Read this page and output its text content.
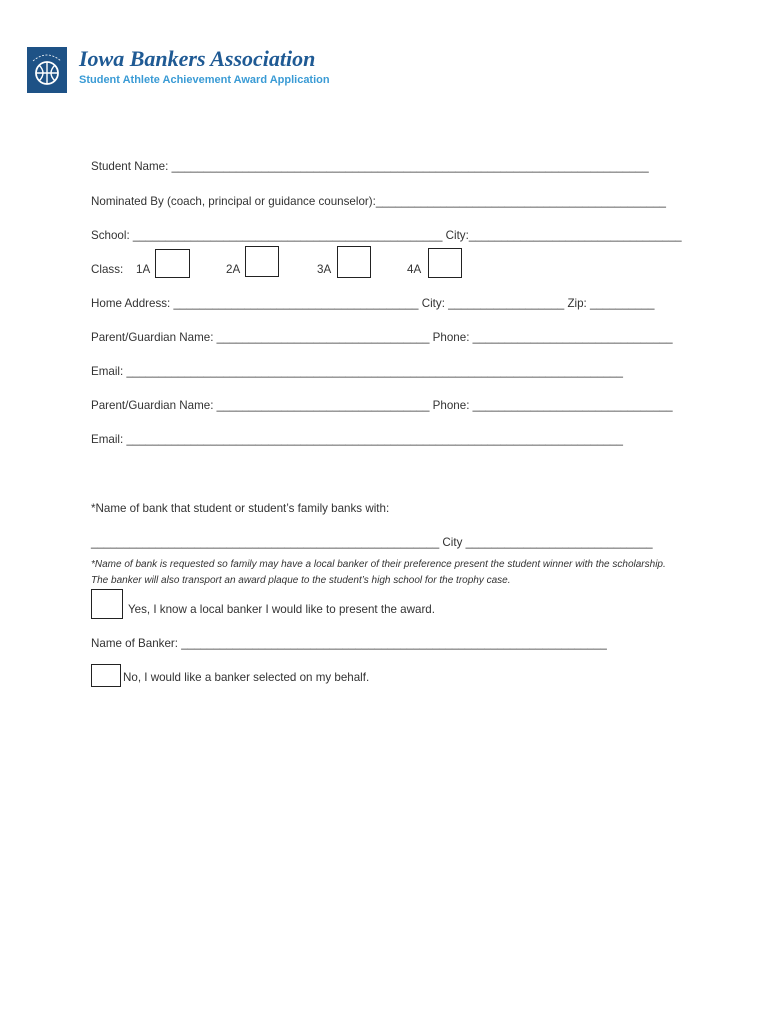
Iowa Bankers Association
Student Athlete Achievement Award Application
Student Name: __________________________________________________________________________
Nominated By (coach, principal or guidance counselor):_____________________________________________
School: ________________________________________________ City:_________________________________
Class: 1A	2A	3A	4A
Home Address: ______________________________________ City: __________________ Zip: __________
Parent/Guardian Name: _________________________________ Phone: _______________________________
Email: _____________________________________________________________________________
Parent/Guardian Name: _________________________________ Phone: _______________________________
Email: _____________________________________________________________________________
*Name of bank that student or student’s family banks with:
______________________________________________________ City _____________________________
*Name of bank is requested so family may have a local banker of their preference present the student winner with the scholarship. The banker will also transport an award plaque to the student’s high school for the trophy case.
Yes, I know a local banker I would like to present the award.
Name of Banker: __________________________________________________________________
No, I would like a banker selected on my behalf.
